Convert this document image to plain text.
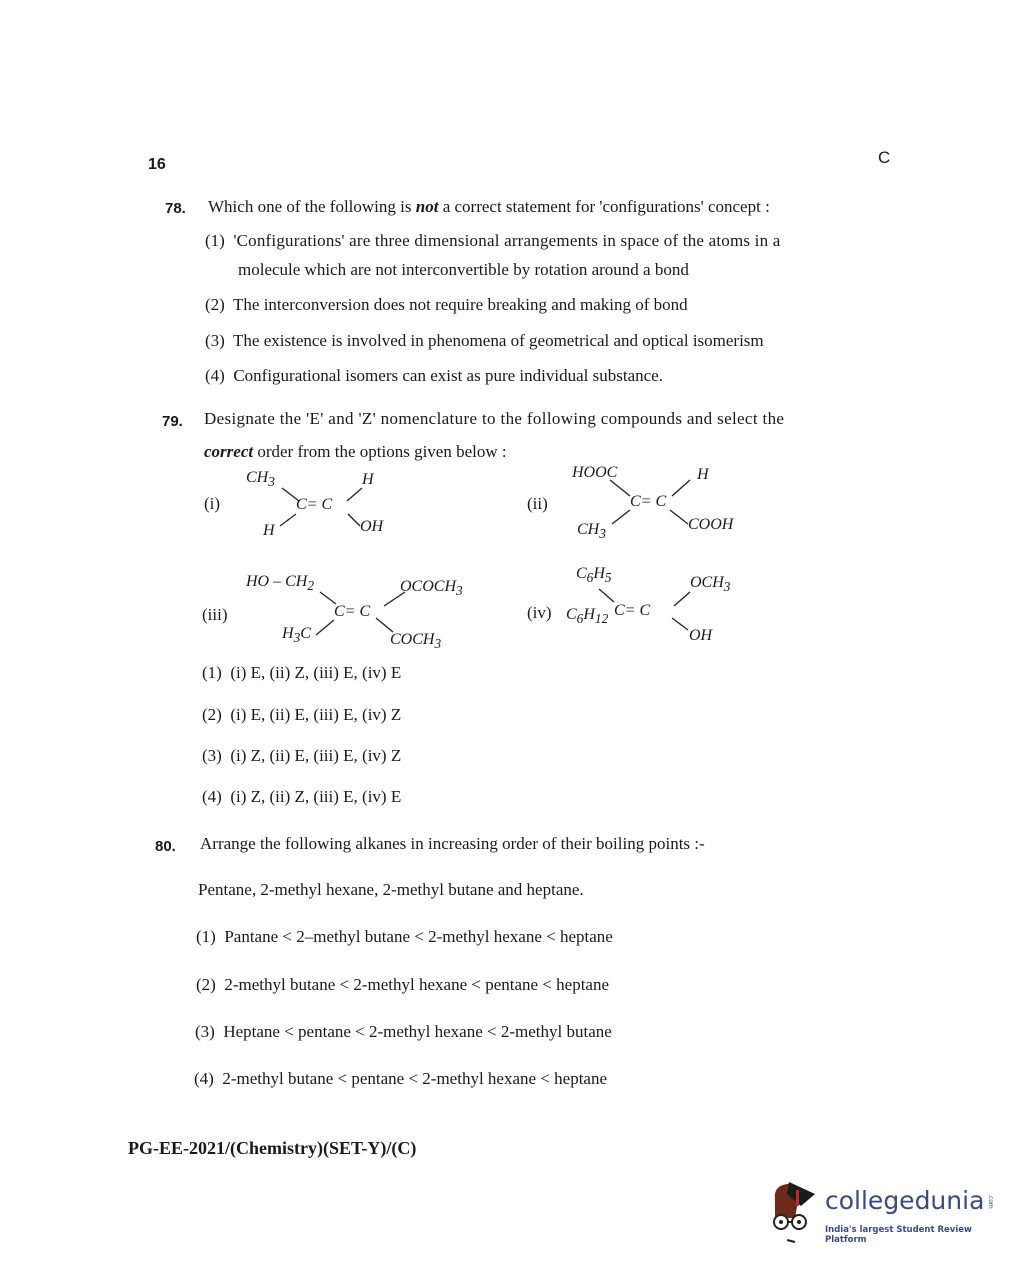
16	C
78. Which one of the following is not a correct statement for 'configurations' concept :
(1) 'Configurations' are three dimensional arrangements in space of the atoms in a
molecule which are not interconvertible by rotation around a bond
(2) The interconversion does not require breaking and making of bond
(3) The existence is involved in phenomena of geometrical and optical isomerism
(4) Configurational isomers can exist as pure individual substance.
79. Designate the 'E' and 'Z' nomenclature to the following compounds and select the
correct order from the options given below :
(i)
$CH_3$	H
C= C
H	OH
(ii)
HOOC	H
C= C
$CH_3$
COOH
(iii)
HO – $CH_2$	$OCOCH_3$
C= C
$H_3C$	$COCH_3$
(iv)
$C_6H_5$	$OCH_3$
C= C
$C_6H_{12}$
OH
(1) (i) E, (ii) Z, (iii) E, (iv) E
(2) (i) E, (ii) E, (iii) E, (iv) Z
(3) (i) Z, (ii) E, (iii) E, (iv) Z
(4) (i) Z, (ii) Z, (iii) E, (iv) E
80. Arrange the following alkanes in increasing order of their boiling points :-
Pentane, 2-methyl hexane, 2-methyl butane and heptane.
(1) Pantane < 2–methyl butane < 2-methyl hexane < heptane
(2) 2-methyl butane < 2-methyl hexane < pentane < heptane
(3) Heptane < pentane < 2-methyl hexane < 2-methyl butane
(4) 2-methyl butane < pentane < 2-methyl hexane < heptane
PG-EE-2021/(Chemistry)(SET-Y)/(C)
collegedunia .com
India's largest Student Review Platform
